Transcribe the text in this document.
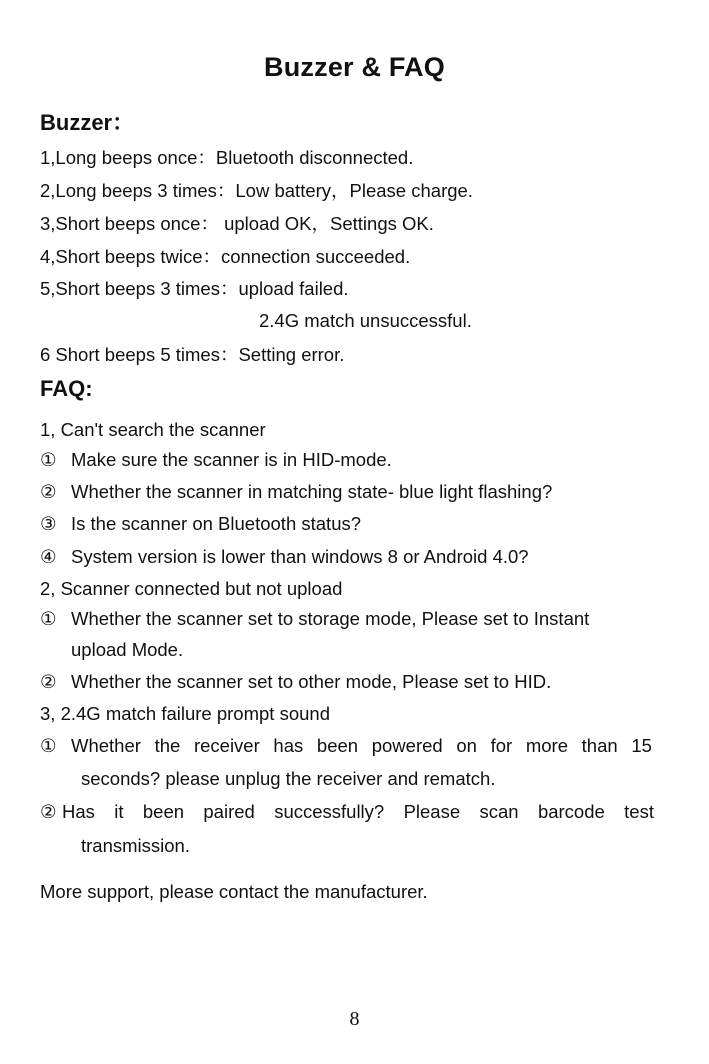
Buzzer & FAQ
Buzzer：
1,Long beeps once：Bluetooth disconnected.
2,Long beeps 3 times：Low battery，Please charge.
3,Short beeps once： upload OK，Settings OK.
4,Short beeps twice：connection succeeded.
5,Short beeps 3 times：upload failed.
2.4G match unsuccessful.
6 Short beeps 5 times：Setting error.
FAQ:
1, Can't search the scanner
① Make sure the scanner is in HID-mode.
② Whether the scanner in matching state- blue light flashing?
③ Is the scanner on Bluetooth status?
④ System version is lower than windows 8 or Android 4.0?
2, Scanner connected but not upload
① Whether the scanner set to storage mode, Please set to Instant
upload Mode.
② Whether the scanner set to other mode, Please set to HID.
3, 2.4G match failure prompt sound
① Whether the receiver has been powered on for more than 15
seconds? please unplug the receiver and rematch.
② Has it been paired successfully? Please scan barcode test
transmission.
More support, please contact the manufacturer.
8
